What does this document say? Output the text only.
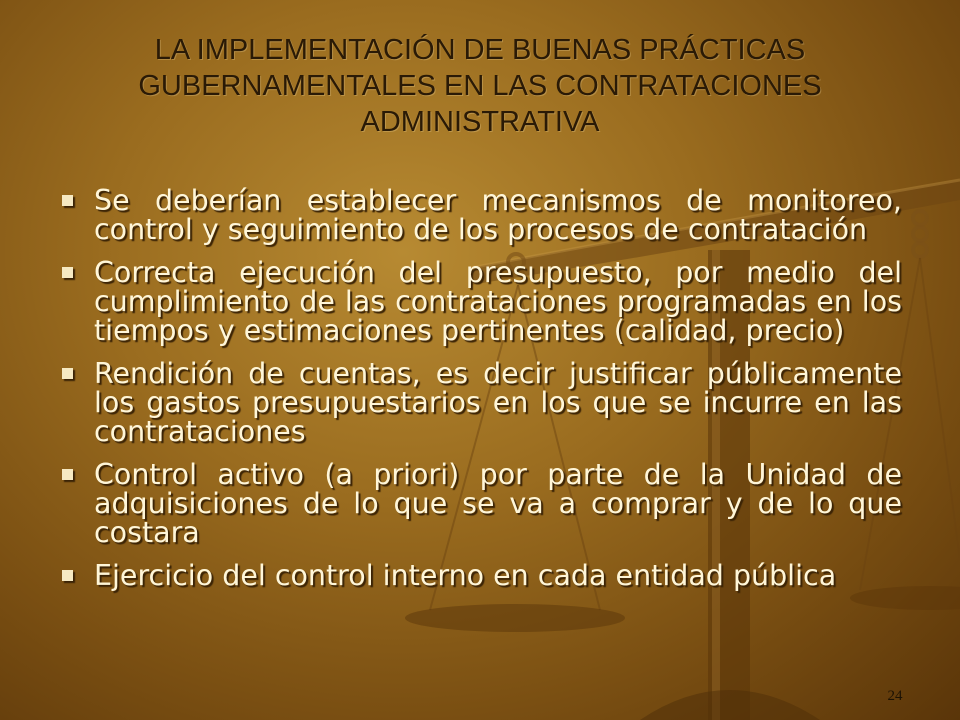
LA IMPLEMENTACIÓN DE BUENAS PRÁCTICAS
GUBERNAMENTALES EN LAS CONTRATACIONES
ADMINISTRATIVA
Se deberían establecer mecanismos de monitoreo, control y seguimiento de los procesos de contratación
Correcta ejecución del presupuesto, por medio del cumplimiento de las contrataciones programadas en los tiempos y estimaciones pertinentes (calidad, precio)
Rendición de cuentas, es decir justificar públicamente los gastos presupuestarios en los que se incurre en las contrataciones
Control activo (a priori) por parte de la Unidad de adquisiciones de lo que se va a comprar y de lo que costara
Ejercicio del control interno en cada entidad pública
24
